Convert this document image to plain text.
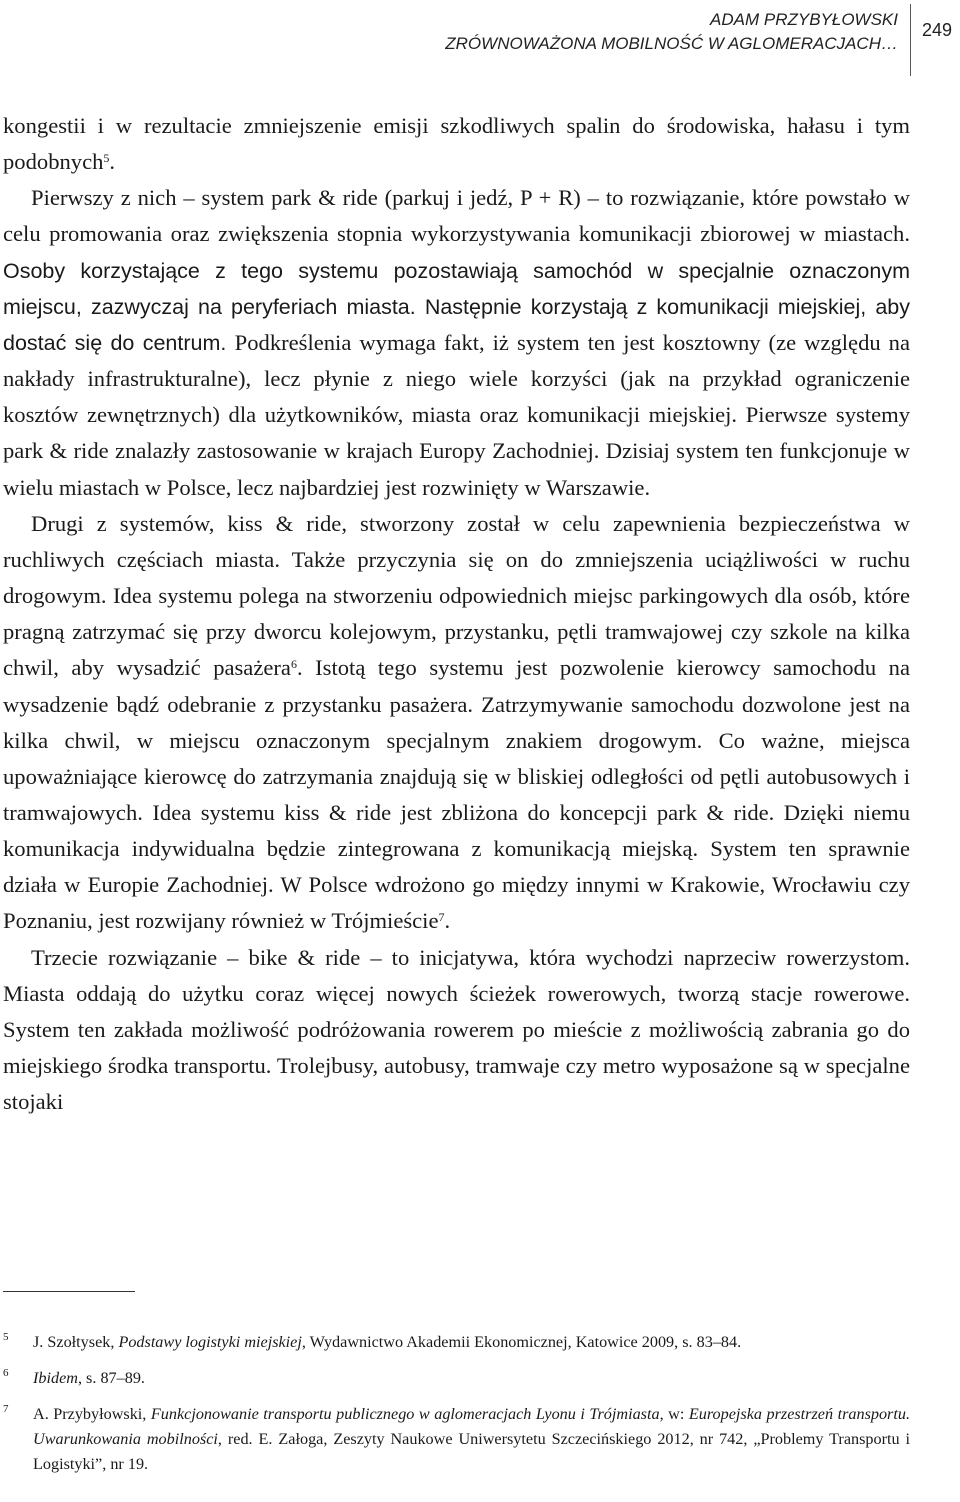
ADAM PRZYBYŁOWSKI
ZRÓWNOWAŻONA MOBILNOŚĆ W AGLOMERACJACH…
249

kongestii i w rezultacie zmniejszenie emisji szkodliwych spalin do środowiska, hałasu i tym podobnych$^5$.

Pierwszy z nich – system park & ride (parkuj i jedź, P + R) – to rozwiązanie, które powstało w celu promowania oraz zwiększenia stopnia wykorzystywania komunikacji zbiorowej w miastach. Osoby korzystające z tego systemu pozostawiają samochód w specjalnie oznaczonym miejscu, zazwyczaj na peryferiach miasta. Następnie korzystają z komunikacji miejskiej, aby dostać się do centrum. Podkreślenia wymaga fakt, iż system ten jest kosztowny (ze względu na nakłady infrastrukturalne), lecz płynie z niego wiele korzyści (jak na przykład ograniczenie kosztów zewnętrznych) dla użytkowników, miasta oraz komunikacji miejskiej. Pierwsze systemy park & ride znalazły zastosowanie w krajach Europy Zachodniej. Dzisiaj system ten funkcjonuje w wielu miastach w Polsce, lecz najbardziej jest rozwinięty w Warszawie.

Drugi z systemów, kiss & ride, stworzony został w celu zapewnienia bezpieczeństwa w ruchliwych częściach miasta. Także przyczynia się on do zmniejszenia uciążliwości w ruchu drogowym. Idea systemu polega na stworzeniu odpowiednich miejsc parkingowych dla osób, które pragną zatrzymać się przy dworcu kolejowym, przystanku, pętli tramwajowej czy szkole na kilka chwil, aby wysadzić pasażera$^6$. Istotą tego systemu jest pozwolenie kierowcy samochodu na wysadzenie bądź odebranie z przystanku pasażera. Zatrzymywanie samochodu dozwolone jest na kilka chwil, w miejscu oznaczonym specjalnym znakiem drogowym. Co ważne, miejsca upoważniające kierowcę do zatrzymania znajdują się w bliskiej odległości od pętli autobusowych i tramwajowych. Idea systemu kiss & ride jest zbliżona do koncepcji park & ride. Dzięki niemu komunikacja indywidualna będzie zintegrowana z komunikacją miejską. System ten sprawnie działa w Europie Zachodniej. W Polsce wdrożono go między innymi w Krakowie, Wrocławiu czy Poznaniu, jest rozwijany również w Trójmieście$^7$.

Trzecie rozwiązanie – bike & ride – to inicjatywa, która wychodzi naprzeciw rowerzystom. Miasta oddają do użytku coraz więcej nowych ścieżek rowerowych, tworzą stacje rowerowe. System ten zakłada możliwość podróżowania rowerem po mieście z możliwością zabrania go do miejskiego środka transportu. Trolejbusy, autobusy, tramwaje czy metro wyposażone są w specjalne stojaki

5 J. Szołtysek, Podstawy logistyki miejskiej, Wydawnictwo Akademii Ekonomicznej, Katowice 2009, s. 83–84.
6 Ibidem, s. 87–89.
7 A. Przybyłowski, Funkcjonowanie transportu publicznego w aglomeracjach Lyonu i Trójmiasta, w: Europejska przestrzeń transportu. Uwarunkowania mobilności, red. E. Załoga, Zeszyty Naukowe Uniwersytetu Szczecińskiego 2012, nr 742, „Problemy Transportu i Logistyki”, nr 19.
